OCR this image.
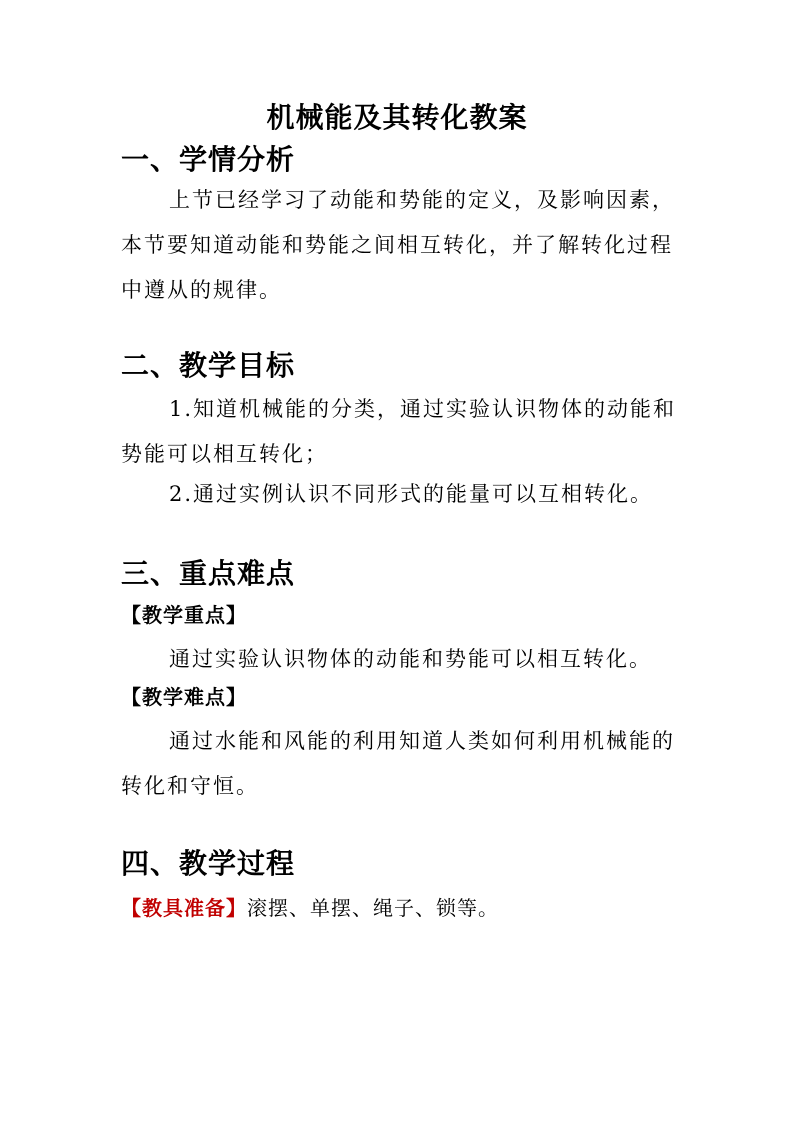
机械能及其转化教案
一、学情分析
上节已经学习了动能和势能的定义，及影响因素，本节要知道动能和势能之间相互转化，并了解转化过程中遵从的规律。
二、教学目标
1.知道机械能的分类，通过实验认识物体的动能和势能可以相互转化；
2.通过实例认识不同形式的能量可以互相转化。
三、重点难点
【教学重点】
通过实验认识物体的动能和势能可以相互转化。
【教学难点】
通过水能和风能的利用知道人类如何利用机械能的转化和守恒。
四、教学过程
【教具准备】滚摆、单摆、绳子、锁等。
